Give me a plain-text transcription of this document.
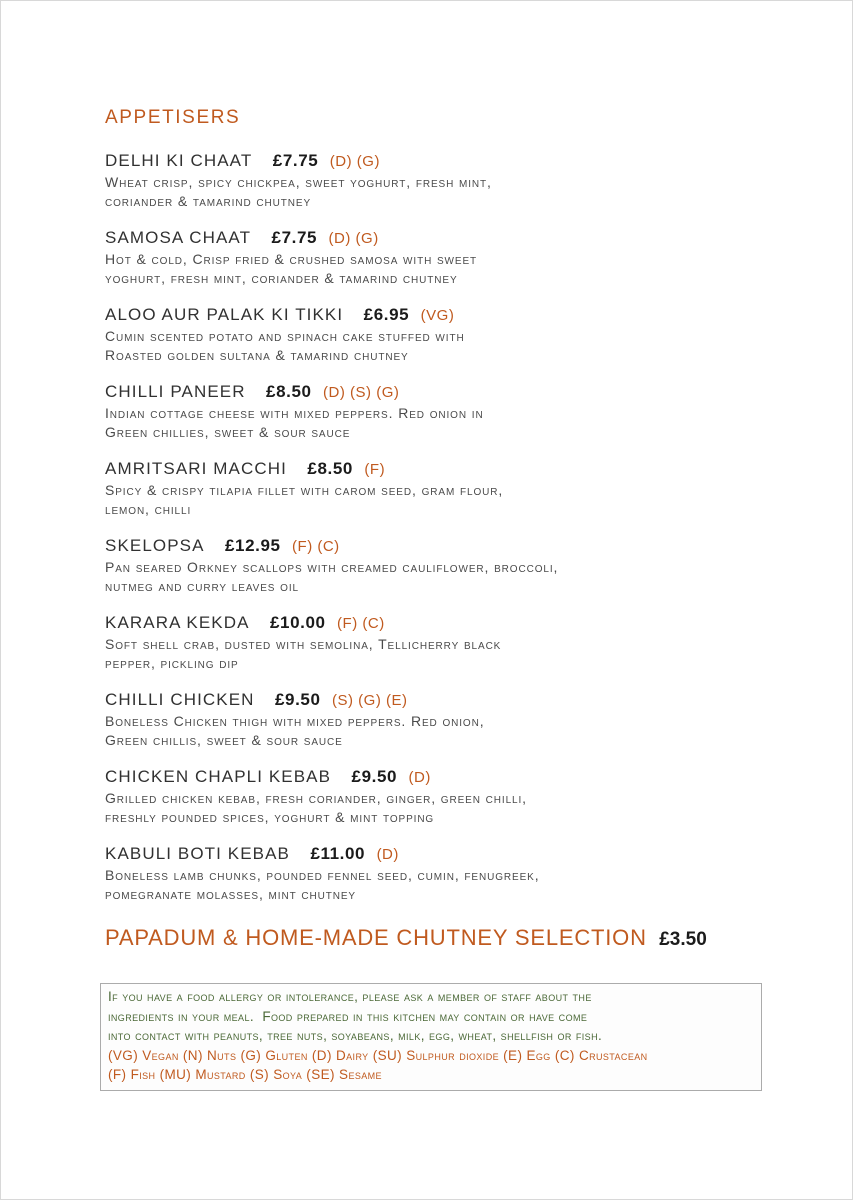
APPETISERS
DELHI KI CHAAT £7.75 (D) (G)
Wheat crisp, spicy chickpea, sweet yoghurt, fresh mint,
coriander & tamarind chutney
SAMOSA CHAAT £7.75 (D) (G)
Hot & cold, Crisp fried & crushed samosa with sweet
yoghurt, fresh mint, coriander & tamarind chutney
ALOO AUR PALAK KI TIKKI £6.95 (VG)
Cumin scented potato and spinach cake stuffed with
Roasted golden sultana & tamarind chutney
CHILLI PANEER £8.50 (D) (S) (G)
Indian cottage cheese with mixed peppers. Red onion in
Green chillies, sweet & sour sauce
AMRITSARI MACCHI £8.50 (F)
Spicy & crispy tilapia fillet with carom seed, gram flour,
lemon, chilli
SKELOPSA £12.95 (F) (C)
Pan seared Orkney scallops with creamed cauliflower, broccoli,
nutmeg and curry leaves oil
KARARA KEKDA £10.00 (F) (C)
Soft shell crab, dusted with semolina, Tellicherry black
pepper, pickling dip
CHILLI CHICKEN £9.50 (S) (G) (E)
Boneless Chicken thigh with mixed peppers. Red onion,
Green chillis, sweet & sour sauce
CHICKEN CHAPLI KEBAB £9.50 (D)
Grilled chicken kebab, fresh coriander, ginger, green chilli,
freshly pounded spices, yoghurt & mint topping
KABULI BOTI KEBAB £11.00 (D)
Boneless lamb chunks, pounded fennel seed, cumin, fenugreek,
pomegranate molasses, mint chutney
PAPADUM & HOME-MADE CHUTNEY SELECTION £3.50
If you have a food allergy or intolerance, please ask a member of staff about the
ingredients in your meal.  Food prepared in this kitchen may contain or have come
into contact with peanuts, tree nuts, soyabeans, milk, egg, wheat, shellfish or fish.
(VG) Vegan (N) Nuts (G) Gluten (D) Dairy (SU) Sulphur dioxide (E) Egg (C) Crustacean
(F) Fish (MU) Mustard (S) Soya (SE) Sesame
